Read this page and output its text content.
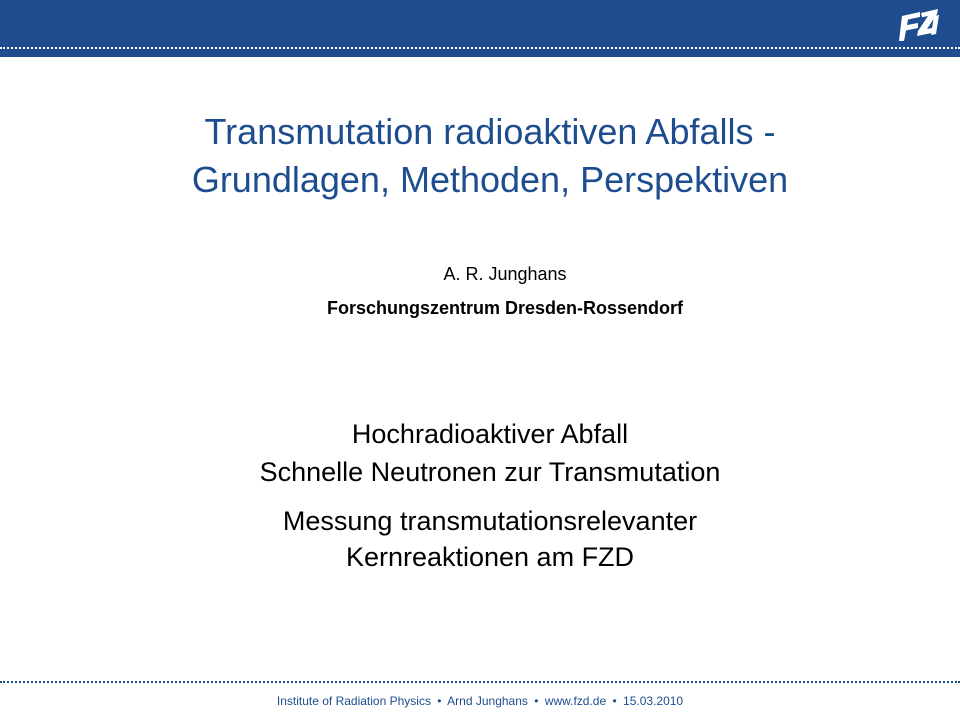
Transmutation radioaktiven Abfalls -
Grundlagen, Methoden, Perspektiven
A. R. Junghans
Forschungszentrum Dresden-Rossendorf
Hochradioaktiver Abfall
Schnelle Neutronen zur Transmutation
Messung transmutationsrelevanter
Kernreaktionen am FZD
Institute of Radiation Physics • Arnd Junghans • www.fzd.de • 15.03.2010
